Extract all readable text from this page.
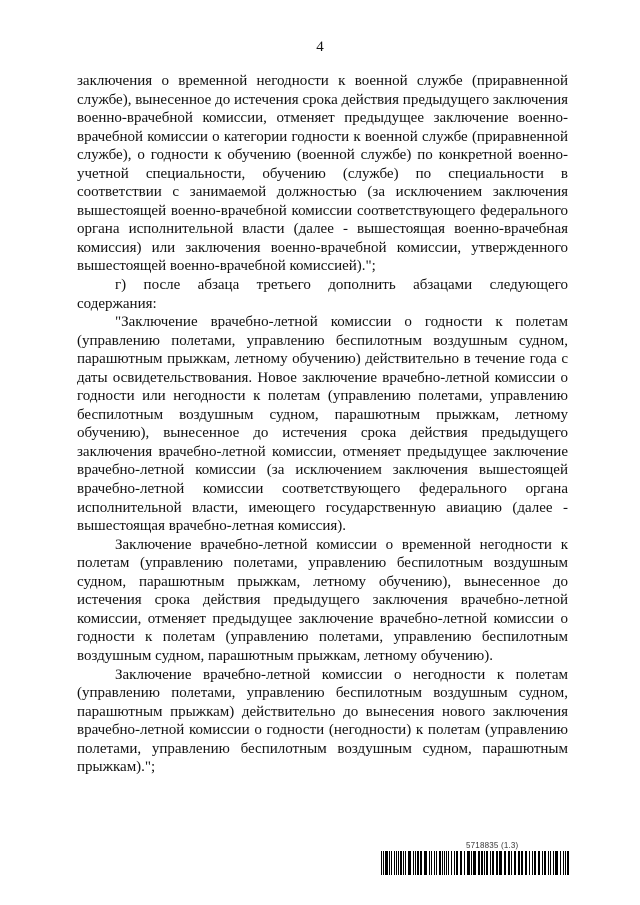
4

заключения о временной негодности к военной службе (приравненной службе), вынесенное до истечения срока действия предыдущего заключения военно-врачебной комиссии, отменяет предыдущее заключение военно-врачебной комиссии о категории годности к военной службе (приравненной службе), о годности к обучению (военной службе) по конкретной военно-учетной специальности, обучению (службе) по специальности в соответствии с занимаемой должностью (за исключением заключения вышестоящей военно-врачебной комиссии соответствующего федерального органа исполнительной власти (далее - вышестоящая военно-врачебная комиссия) или заключения военно-врачебной комиссии, утвержденного вышестоящей военно-врачебной комиссией).";

г) после абзаца третьего дополнить абзацами следующего содержания:

"Заключение врачебно-летной комиссии о годности к полетам (управлению полетами, управлению беспилотным воздушным судном, парашютным прыжкам, летному обучению) действительно в течение года с даты освидетельствования. Новое заключение врачебно-летной комиссии о годности или негодности к полетам (управлению полетами, управлению беспилотным воздушным судном, парашютным прыжкам, летному обучению), вынесенное до истечения срока действия предыдущего заключения врачебно-летной комиссии, отменяет предыдущее заключение врачебно-летной комиссии (за исключением заключения вышестоящей врачебно-летной комиссии соответствующего федерального органа исполнительной власти, имеющего государственную авиацию (далее - вышестоящая врачебно-летная комиссия).

Заключение врачебно-летной комиссии о временной негодности к полетам (управлению полетами, управлению беспилотным воздушным судном, парашютным прыжкам, летному обучению), вынесенное до истечения срока действия предыдущего заключения врачебно-летной комиссии, отменяет предыдущее заключение врачебно-летной комиссии о годности к полетам (управлению полетами, управлению беспилотным воздушным судном, парашютным прыжкам, летному обучению).

Заключение врачебно-летной комиссии о негодности к полетам (управлению полетами, управлению беспилотным воздушным судном, парашютным прыжкам) действительно до вынесения нового заключения врачебно-летной комиссии о годности (негодности) к полетам (управлению полетами, управлению беспилотным воздушным судном, парашютным прыжкам).";

5718835 (1.3)
